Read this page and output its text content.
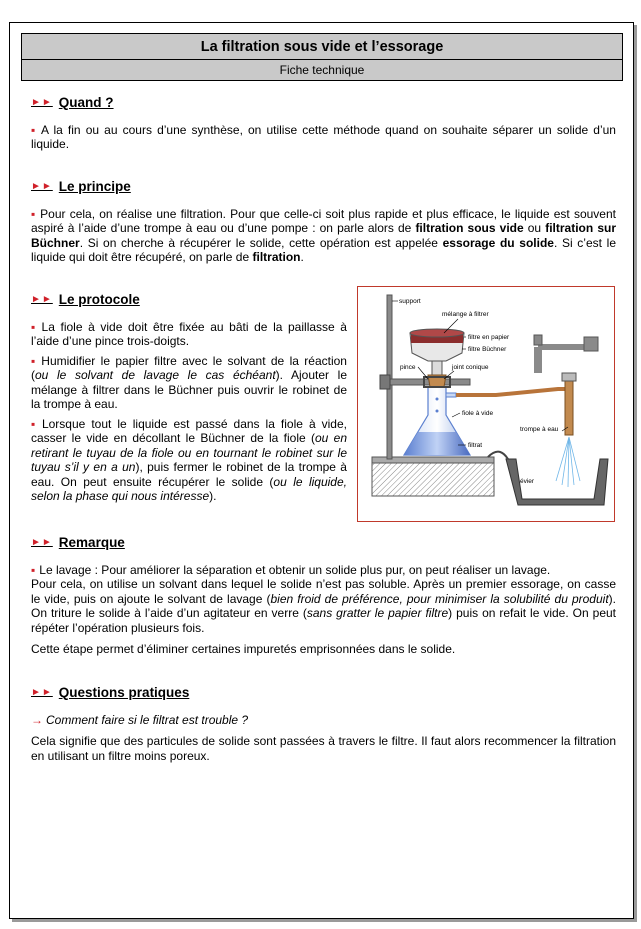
La filtration sous vide et l’essorage
Fiche technique
►► Quand ?

▪ A la fin ou au cours d’une synthèse, on utilise cette méthode quand on souhaite séparer un solide d’un liquide.

►► Le principe

▪ Pour cela, on réalise une filtration. Pour que celle-ci soit plus rapide et plus efficace, le liquide est souvent aspiré à l’aide d’une trompe à eau ou d’une pompe : on parle alors de filtration sous vide ou filtration sur Büchner. Si on cherche à récupérer le solide, cette opération est appelée essorage du solide. Si c’est le liquide qui doit être récupéré, on parle de filtration.

►► Le protocole

▪ La fiole à vide doit être fixée au bâti de la paillasse à l’aide d’une pince trois-doigts.

▪ Humidifier le papier filtre avec le solvant de la réaction (ou le solvant de lavage le cas échéant). Ajouter le mélange à filtrer dans le Büchner puis ouvrir le robinet de la trompe à eau.

▪ Lorsque tout le liquide est passé dans la fiole à vide, casser le vide en décollant le Büchner de la fiole (ou en retirant le tuyau de la fiole ou en tournant le robinet sur le tuyau s’il y en a un), puis fermer le robinet de la trompe à eau. On peut ensuite récupérer le solide (ou le liquide, selon la phase qui nous intéresse).

support
mélange à filtrer
filtre en papier
filtre Büchner
pince	joint conique
fiole à vide
trompe à eau
filtrat
évier
►► Remarque

▪ Le lavage : Pour améliorer la séparation et obtenir un solide plus pur, on peut réaliser un lavage.
Pour cela, on utilise un solvant dans lequel le solide n’est pas soluble. Après un premier essorage, on casse le vide, puis on ajoute le solvant de lavage (bien froid de préférence, pour minimiser la solubilité du produit). On triture le solide à l’aide d’un agitateur en verre (sans gratter le papier filtre) puis on refait le vide. On peut répéter l’opération plusieurs fois.

Cette étape permet d’éliminer certaines impuretés emprisonnées dans le solide.

►► Questions pratiques

→ Comment faire si le filtrat est trouble ?

Cela signifie que des particules de solide sont passées à travers le filtre. Il faut alors recommencer la filtration en utilisant un filtre moins poreux.
